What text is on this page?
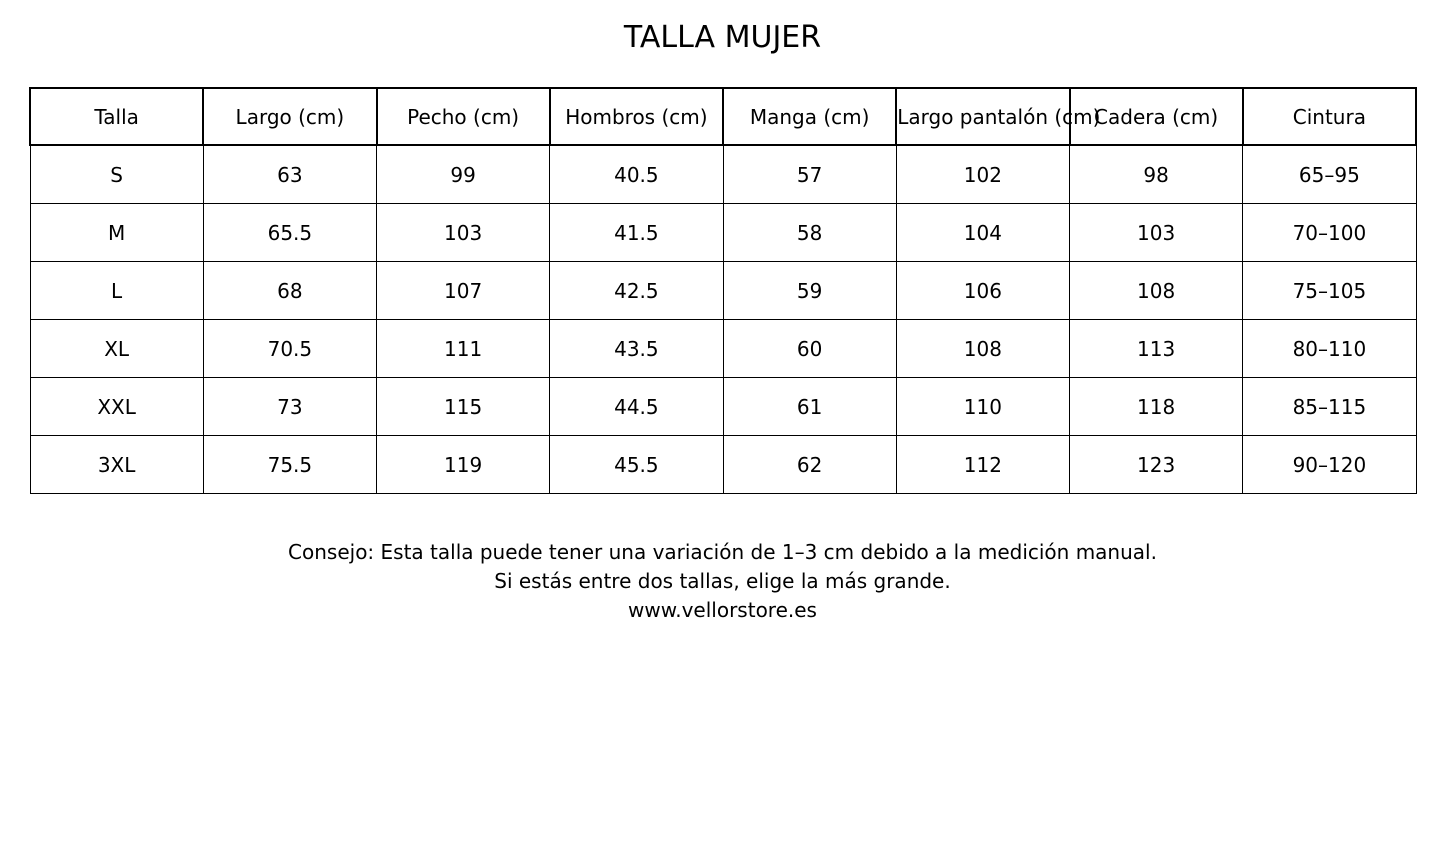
TALLA MUJER
Talla	Largo (cm)	Pecho (cm)	Hombros (cm)	Manga (cm)	Largo pantalón (cm)	Cadera (cm)	Cintura
S	63	99	40.5	57	102	98	65–95
M	65.5	103	41.5	58	104	103	70–100
L	68	107	42.5	59	106	108	75–105
XL	70.5	111	43.5	60	108	113	80–110
XXL	73	115	44.5	61	110	118	85–115
3XL	75.5	119	45.5	62	112	123	90–120
Consejo: Esta talla puede tener una variación de 1–3 cm debido a la medición manual.
Si estás entre dos tallas, elige la más grande.
www.vellorstore.es
